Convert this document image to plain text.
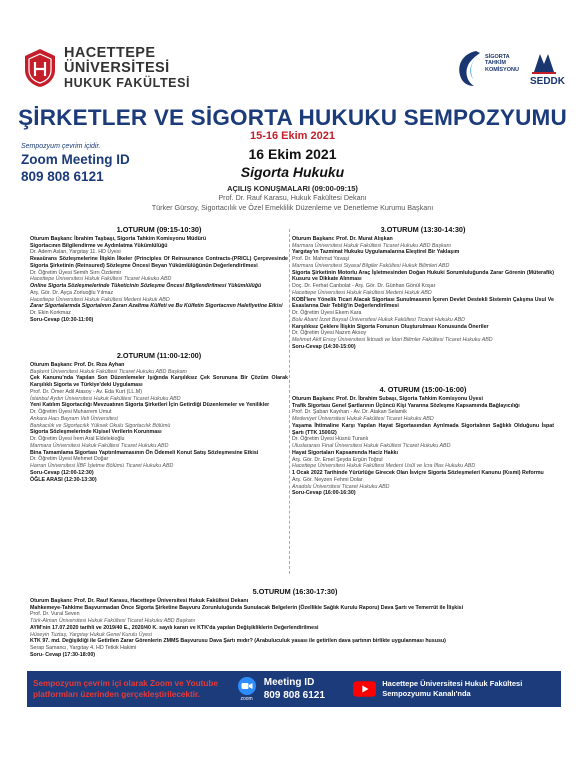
HACETTEPE ÜNİVERSİTESİ
HUKUK FAKÜLTESİ
SİGORTA TAHKİM KOMİSYONU
SEDDK
ŞİRKETLER VE SİGORTA HUKUKU SEMPOZYUMU
15-16 Ekim 2021
Sempozyum çevrim içidir.
Zoom Meeting ID
809 808 6121
16 Ekim 2021
Sigorta Hukuku
AÇILIŞ KONUŞMALARI (09:00-09:15)
Prof. Dr. Rauf Karasu, Hukuk Fakültesi Dekanı
Türker Gürsoy, Sigortacılık ve Özel Emeklilik Düzenleme ve Denetleme Kurumu Başkanı
1.OTURUM (09:15-10:30)
Oturum Başkanı: İbrahim Taşbaşı, Sigorta Tahkim Komisyonu Müdürü
Sigortacının Bilgilendirme ve Aydınlatma Yükümlülüğü
Dr. Adem Aslan, Yargıtay 11. HD Üyesi
Reasürans Sözleşmelerine İlişkin İlkeler (Principles Of Reinsurance Contracts-(PRICL) Çerçevesinde Sigorta Şirketinin (Reinsured) Sözleşme Öncesi Beyan Yükümlülüğünün Değerlendirilmesi
Dr. Öğretim Üyesi Semih Sırrı Özdemir
Hacettepe Üniversitesi Hukuk Fakültesi Ticaret Hukuku ABD
Online Sigorta Sözleşmelerinde Tüketicinin Sözleşme Öncesi Bilgilendirilmesi Yükümlülüğü
Arş. Gör. Dr. Ayça Zorluoğlu Yılmaz
Hacettepe Üniversitesi Hukuk Fakültesi Medeni Hukuk ABD
Zarar Sigortalarında Sigortalının Zararı Azaltma Külfeti ve Bu Külfetin Sigortacının Halefiyetine Etkisi
Dr. Ekin Korkmaz
Soru-Cevap (10:30-11:00)
2.OTURUM (11:00-12:00)
Oturum Başkanı: Prof. Dr. Rıza Ayhan
Başkent Üniversitesi Hukuk Fakültesi Ticaret Hukuku ABD Başkanı
Çek Kanunu'nda Yapılan Son Düzenlemeler Işığında Karşılıksız Çek Sorununa Bir Çözüm Olarak Karşılıklı Sigorta ve Türkiye'deki Uygulaması
Prof. Dr. Ömer Adil Atasoy - Av. Eda Kurt (LL.M)
İstanbul Aydın Üniversitesi Hukuk Fakültesi Ticaret Hukuku ABD
Yeni Katılım Sigortacılığı Mevzuatının Sigorta Şirketleri İçin Getirdiği Düzenlemeler ve Yenilikler
Dr. Öğretim Üyesi Muharrem Umut
Ankara Hacı Bayram Veli Üniversitesi
Bankacılık ve Sigortacılık Yüksek Okulu Sigortacılık Bölümü
Sigorta Sözleşmelerinde Kişisel Verilerin Korunması
Dr. Öğretim Üyesi İrem Aral Eldelekioğlu
Marmara Üniversitesi Hukuk Fakültesi Ticaret Hukuku ABD
Bina Tamamlama Sigortası Yaptırılmamasının Ön Ödemeli Konut Satış Sözleşmesine Etkisi
Dr. Öğretim Üyesi Mehmet Doğar
Harran Üniversitesi İİBF İşletme Bölümü Ticaret Hukuku ABD
Soru-Cevap (12:00-12:30)
ÖĞLE ARASI (12:30-13:30)
3.OTURUM (13:30-14:30)
Oturum Başkanı: Prof. Dr. Murat Alışkan
Marmara Üniversitesi Hukuk Fakültesi Ticaret Hukuku ABD Başkanı
Yargıtay'ın Tazminat Hukuku Uygulamalarına Eleştirel Bir Yaklaşım
Prof. Dr. Mahmut Yavaşi
Marmara Üniversitesi Siyasal Bilgiler Fakültesi Hukuk Bilimleri ABD
Sigorta Şirketinin Motorlu Araç İşletmesinden Doğan Hukuki Sorumluluğunda Zarar Görenin (Müterafik) Kusuru ve Dikkate Alınması
Doç. Dr. Ferhat Canbolat - Arş. Gör. Dr. Günhan Gönül Koşar
Hacettepe Üniversitesi Hukuk Fakültesi Medeni Hukuk ABD
KOBİ'lere Yönelik Ticari Alacak Sigortası Sunulmasının İçeren Devlet Destekli Sistemin Çalışma Usul Ve Esaslarına Dair Tebliğ'in Değerlendirilmesi
Dr. Öğretim Üyesi Ekem Kara
Bolu Abant İzzet Baysal Üniversitesi Hukuk Fakültesi Ticaret Hukuku ABD
Karşılıksız Çeklere İlişkin Sigorta Fonunun Oluşturulması Konusunda Öneriler
Dr. Öğretim Üyesi Nazım Aksoy
Mehmet Akif Ersoy Üniversitesi İktisadi ve İdari Bilimler Fakültesi Ticaret Hukuku ABD
Soru-Cevap (14:30-15:00)
4. OTURUM (15:00-16:00)
Oturum Başkanı: Prof. Dr. İbrahim Subaşı, Sigorta Tahkim Komisyonu Üyesi
Trafik Sigortası Genel Şartlarının Üçüncü Kişi Yararına Sözleşme Kapsamında Bağlayıcılığı
Prof. Dr. Şaban Kayıhan - Av. Dr. Atakan Selamik
Medeniyet Üniversitesi Hukuk Fakültesi Ticaret Hukuku ABD
Yaşama İhtimaline Karşı Yapılan Hayat Sigortasından Ayrılmada Sigortalının Sağlıklı Olduğunu İspat Şartı (TTK 1500/2)
Dr. Öğretim Üyesi Hüsnü Turanlı
Uluslararası Final Üniversitesi Hukuk Fakültesi Ticaret Hukuku ABD
Hayat Sigortaları Kapsamında Haciz Hakkı
Arş. Gör. Dr. Emel Şeyda Ergün Toğrul
Hacettepe Üniversitesi Hukuk Fakültesi Medeni Usûl ve İcra İflas Hukuku ABD
1 Ocak 2022 Tarihinde Yürürlüğe Girecek Olan İsviçre Sigorta Sözleşmeleri Kanunu (Kısmi) Reformu
Arş. Gör. Neyzen Fehmi Dolar
Anadolu Üniversitesi Ticaret Hukuku ABD
Soru-Cevap (16:00-16:30)
5.OTURUM (16:30-17:30)
Oturum Başkanı: Prof. Dr. Rauf Karasu, Hacettepe Üniversitesi Hukuk Fakültesi Dekanı
Mahkemeye-Tahkime Başvurmadan Önce Sigorta Şirketine Başvuru Zorunluluğunda Sunulacak Belgelerin (Özellikle Sağlık Kurulu Raporu) Dava Şartı ve Temerrüt ile İlişkisi
Prof. Dr. Vural Seven
Türk-Alman Üniversitesi Hukuk Fakültesi Ticaret Hukuku ABD Başkanı
AYM'nin 17.07.2020 tarihli ve 2019/40 E., 2020/40 K. sayılı kararı ve KTK'da yapılan Değişikliklerin Değerlendirilmesi
Hüseyin Tuztaş, Yargıtay Hukuk Genel Kurulu Üyesi
KTK 97. md. Değişikliği ile Getirilen Zarar Görenlerin ZMMS Başvurusu Dava Şartı mıdır? (Arabuluculuk yasası ile getirilen dava şartının birlikte uygulanması hususu)
Serap Samancı, Yargıtay 4. HD Tetkik Hakimi
Soru- Cevap (17:30-18:00)
Sempozyum çevrim içi olarak Zoom ve Youtube platformları üzerinden gerçekleştirilecektir.	zoom
Meeting ID
809 808 6121
Hacettepe Üniversitesi Hukuk Fakültesi Sempozyumu Kanalı'nda
